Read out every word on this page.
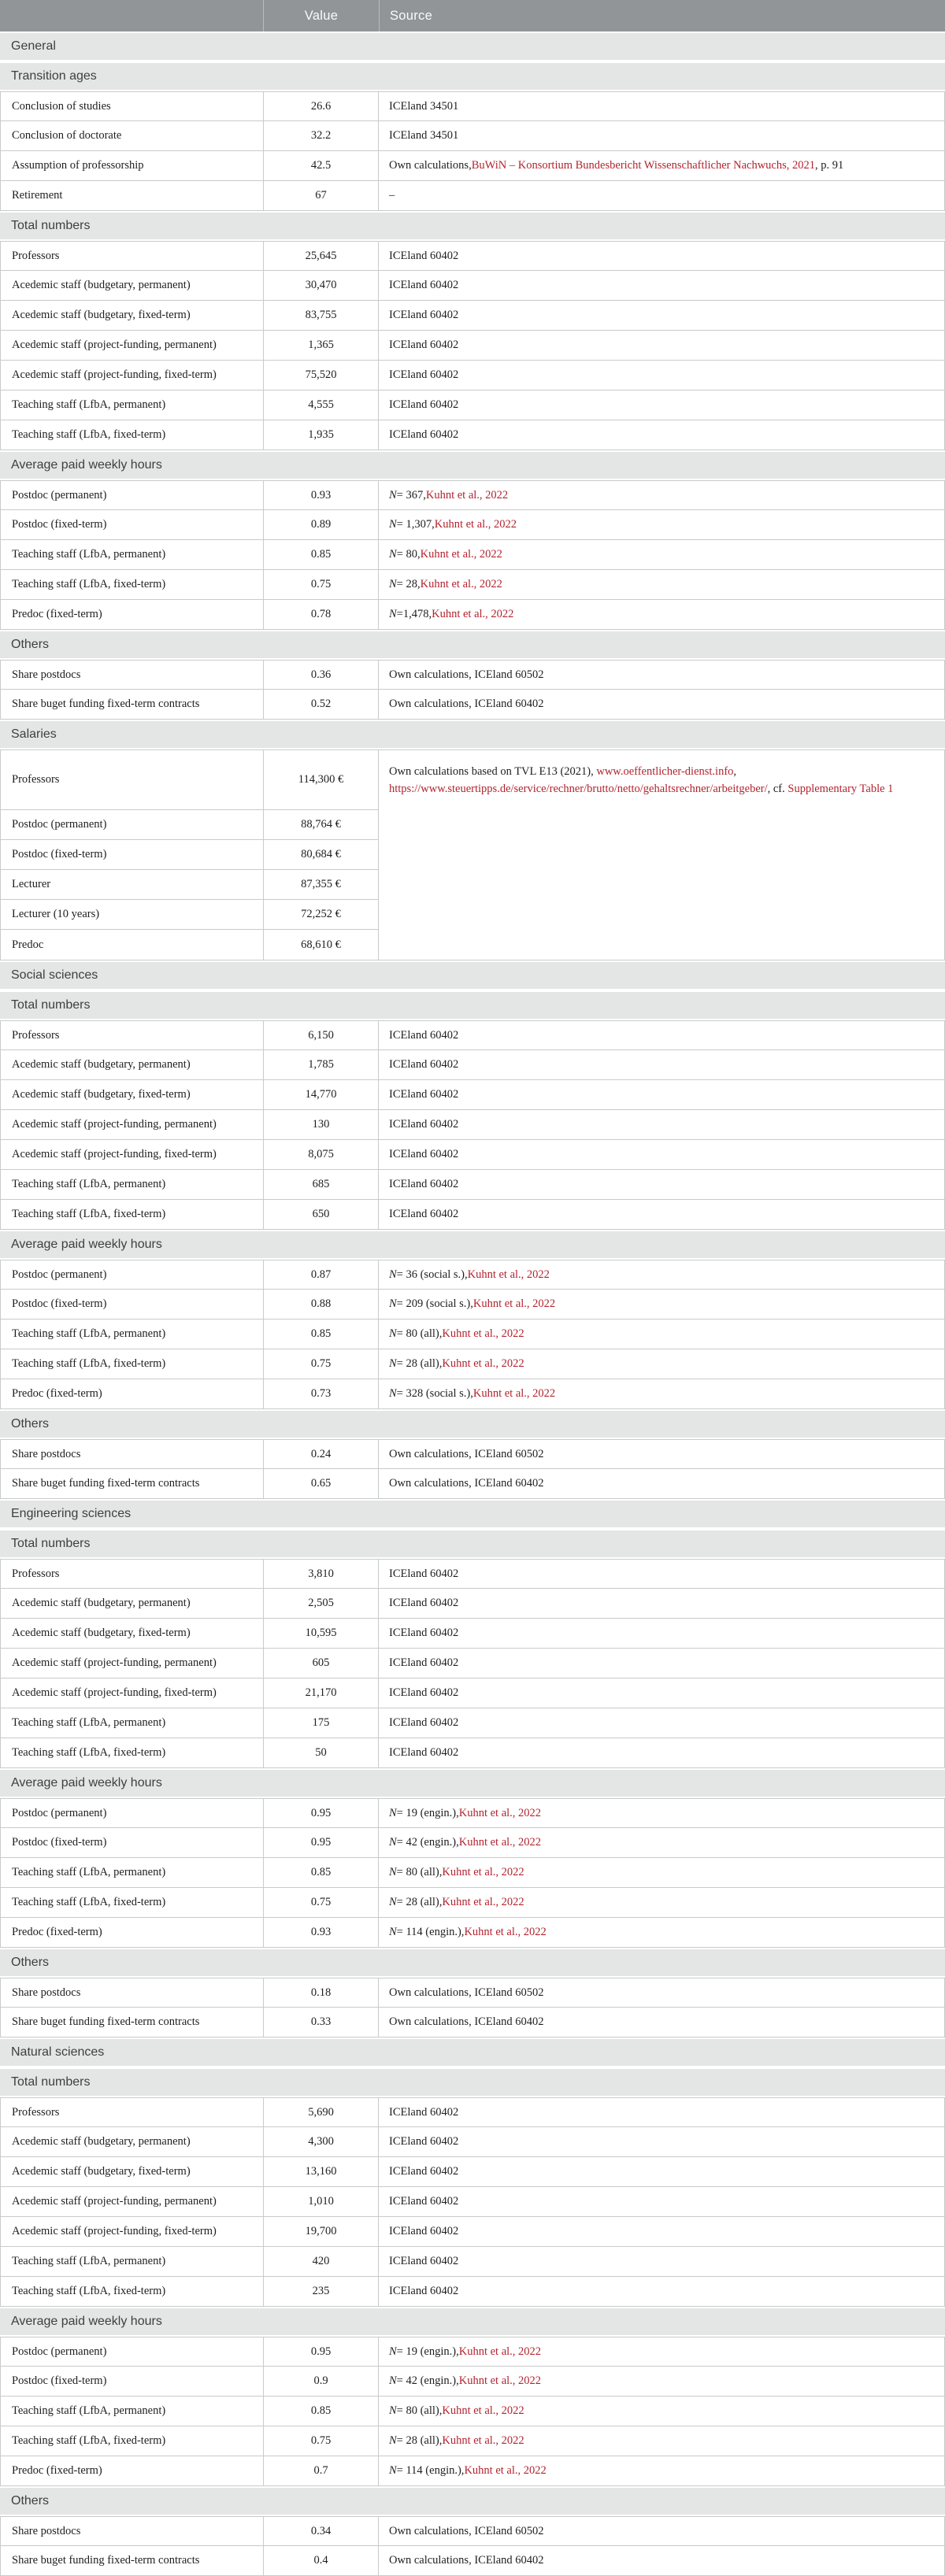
Value	Source
General
Transition ages
Conclusion of studies	26.6	ICEland 34501
Conclusion of doctorate	32.2	ICEland 34501
Assumption of professorship	42.5	Own calculations, BuWiN – Konsortium Bundesbericht Wissenschaftlicher Nachwuchs, 2021 , p. 91
Retirement	67	–
Total numbers
Professors	25,645	ICEland 60402
Acedemic staff (budgetary, permanent)	30,470	ICEland 60402
Acedemic staff (budgetary, fixed-term)	83,755	ICEland 60402
Acedemic staff (project-funding, permanent)	1,365	ICEland 60402
Acedemic staff (project-funding, fixed-term)	75,520	ICEland 60402
Teaching staff (LfbA, permanent)	4,555	ICEland 60402
Teaching staff (LfbA, fixed-term)	1,935	ICEland 60402
Average paid weekly hours
Postdoc (permanent)	0.93	N = 367, Kuhnt et al., 2022
Postdoc (fixed-term)	0.89	N = 1,307, Kuhnt et al., 2022
Teaching staff (LfbA, permanent)	0.85	N = 80, Kuhnt et al., 2022
Teaching staff (LfbA, fixed-term)	0.75	N = 28, Kuhnt et al., 2022
Predoc (fixed-term)	0.78	N =1,478, Kuhnt et al., 2022
Others
Share postdocs	0.36	Own calculations, ICEland 60502
Share buget funding fixed-term contracts	0.52	Own calculations, ICEland 60402
Salaries
Professors	114,300 €
Postdoc (permanent)	88,764 €
Postdoc (fixed-term)	80,684 €
Lecturer	87,355 €
Lecturer (10 years)	72,252 €
Predoc	68,610 €
Own calculations based on TVL E13 (2021), www.oeffentlicher-dienst.info, https://www.steuertipps.de/service/rechner/brutto/netto/gehaltsrechner/arbeitgeber/, cf. Supplementary Table 1
Social sciences
Total numbers
Professors	6,150	ICEland 60402
Acedemic staff (budgetary, permanent)	1,785	ICEland 60402
Acedemic staff (budgetary, fixed-term)	14,770	ICEland 60402
Acedemic staff (project-funding, permanent)	130	ICEland 60402
Acedemic staff (project-funding, fixed-term)	8,075	ICEland 60402
Teaching staff (LfbA, permanent)	685	ICEland 60402
Teaching staff (LfbA, fixed-term)	650	ICEland 60402
Average paid weekly hours
Postdoc (permanent)	0.87	N = 36 (social s.), Kuhnt et al., 2022
Postdoc (fixed-term)	0.88	N = 209 (social s.), Kuhnt et al., 2022
Teaching staff (LfbA, permanent)	0.85	N = 80 (all), Kuhnt et al., 2022
Teaching staff (LfbA, fixed-term)	0.75	N = 28 (all), Kuhnt et al., 2022
Predoc (fixed-term)	0.73	N = 328 (social s.), Kuhnt et al., 2022
Others
Share postdocs	0.24	Own calculations, ICEland 60502
Share buget funding fixed-term contracts	0.65	Own calculations, ICEland 60402
Engineering sciences
Total numbers
Professors	3,810	ICEland 60402
Acedemic staff (budgetary, permanent)	2,505	ICEland 60402
Acedemic staff (budgetary, fixed-term)	10,595	ICEland 60402
Acedemic staff (project-funding, permanent)	605	ICEland 60402
Acedemic staff (project-funding, fixed-term)	21,170	ICEland 60402
Teaching staff (LfbA, permanent)	175	ICEland 60402
Teaching staff (LfbA, fixed-term)	50	ICEland 60402
Average paid weekly hours
Postdoc (permanent)	0.95	N = 19 (engin.), Kuhnt et al., 2022
Postdoc (fixed-term)	0.95	N = 42 (engin.), Kuhnt et al., 2022
Teaching staff (LfbA, permanent)	0.85	N = 80 (all), Kuhnt et al., 2022
Teaching staff (LfbA, fixed-term)	0.75	N = 28 (all), Kuhnt et al., 2022
Predoc (fixed-term)	0.93	N = 114 (engin.), Kuhnt et al., 2022
Others
Share postdocs	0.18	Own calculations, ICEland 60502
Share buget funding fixed-term contracts	0.33	Own calculations, ICEland 60402
Natural sciences
Total numbers
Professors	5,690	ICEland 60402
Acedemic staff (budgetary, permanent)	4,300	ICEland 60402
Acedemic staff (budgetary, fixed-term)	13,160	ICEland 60402
Acedemic staff (project-funding, permanent)	1,010	ICEland 60402
Acedemic staff (project-funding, fixed-term)	19,700	ICEland 60402
Teaching staff (LfbA, permanent)	420	ICEland 60402
Teaching staff (LfbA, fixed-term)	235	ICEland 60402
Average paid weekly hours
Postdoc (permanent)	0.95	N = 19 (engin.), Kuhnt et al., 2022
Postdoc (fixed-term)	0.9	N = 42 (engin.), Kuhnt et al., 2022
Teaching staff (LfbA, permanent)	0.85	N = 80 (all), Kuhnt et al., 2022
Teaching staff (LfbA, fixed-term)	0.75	N = 28 (all), Kuhnt et al., 2022
Predoc (fixed-term)	0.7	N = 114 (engin.), Kuhnt et al., 2022
Others
Share postdocs	0.34	Own calculations, ICEland 60502
Share buget funding fixed-term contracts	0.4	Own calculations, ICEland 60402
